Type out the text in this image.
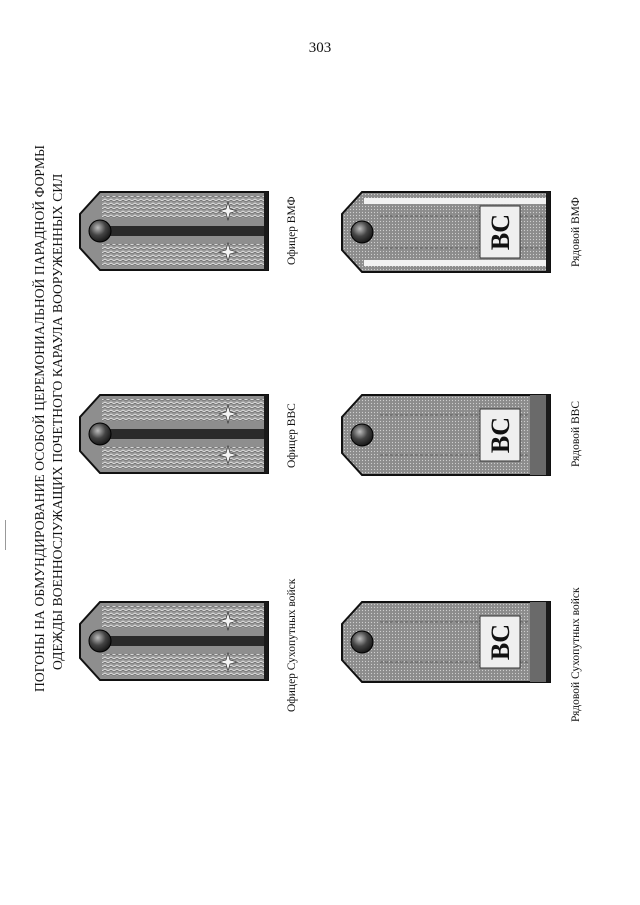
303
ПОГОНЫ НА ОБМУНДИРОВАНИЕ ОСОБОЙ ЦЕРЕМОНИАЛЬНОЙ ПАРАДНОЙ ФОРМЫ ОДЕЖДЫ ВОЕННОСЛУЖАЩИХ ПОЧЕТНОГО КАРАУЛА ВООРУЖЕННЫХ СИЛ	ВС
ВС
ВС
Офицер Сухопутных войск
Офицер ВВС
Офицер ВМФ
Рядовой Сухопутных войск
Рядовой ВВС
Рядовой ВМФ
